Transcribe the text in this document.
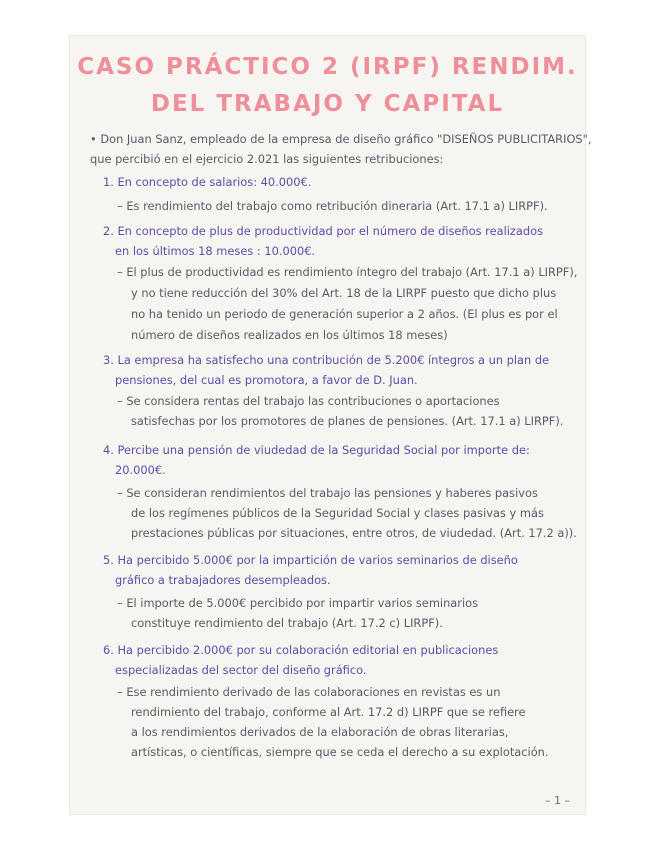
CASO PRÁCTICO 2 (IRPF) RENDIM.
DEL TRABAJO Y CAPITAL
• Don Juan Sanz, empleado de la empresa de diseño gráfico "DISEÑOS PUBLICITARIOS",
que percibió en el ejercicio 2.021 las siguientes retribuciones:
1. En concepto de salarios: 40.000€.
– Es rendimiento del trabajo como retribución dineraria (Art. 17.1 a) LIRPF).
2. En concepto de plus de productividad por el número de diseños realizados
en los últimos 18 meses : 10.000€.
– El plus de productividad es rendimiento íntegro del trabajo (Art. 17.1 a) LIRPF),
y no tiene reducción del 30% del Art. 18 de la LIRPF puesto que dicho plus
no ha tenido un periodo de generación superior a 2 años. (El plus es por el
número de diseños realizados en los últimos 18 meses)
3. La empresa ha satisfecho una contribución de 5.200€ íntegros a un plan de
pensiones, del cual es promotora, a favor de D. Juan.
– Se considera rentas del trabajo las contribuciones o aportaciones
satisfechas por los promotores de planes de pensiones. (Art. 17.1 a) LIRPF).
4. Percibe una pensión de viudedad de la Seguridad Social por importe de:
20.000€.
– Se consideran rendimientos del trabajo las pensiones y haberes pasivos
de los regímenes públicos de la Seguridad Social y clases pasivas y más
prestaciones públicas por situaciones, entre otros, de viudedad. (Art. 17.2 a)).
5. Ha percibido 5.000€ por la impartición de varios seminarios de diseño
gráfico a trabajadores desempleados.
– El importe de 5.000€ percibido por impartir varios seminarios
constituye rendimiento del trabajo (Art. 17.2 c) LIRPF).
6. Ha percibido 2.000€ por su colaboración editorial en publicaciones
especializadas del sector del diseño gráfico.
– Ese rendimiento derivado de las colaboraciones en revistas es un
rendimiento del trabajo, conforme al Art. 17.2 d) LIRPF que se refiere
a los rendimientos derivados de la elaboración de obras literarias,
artísticas, o científicas, siempre que se ceda el derecho a su explotación.
– 1 –
